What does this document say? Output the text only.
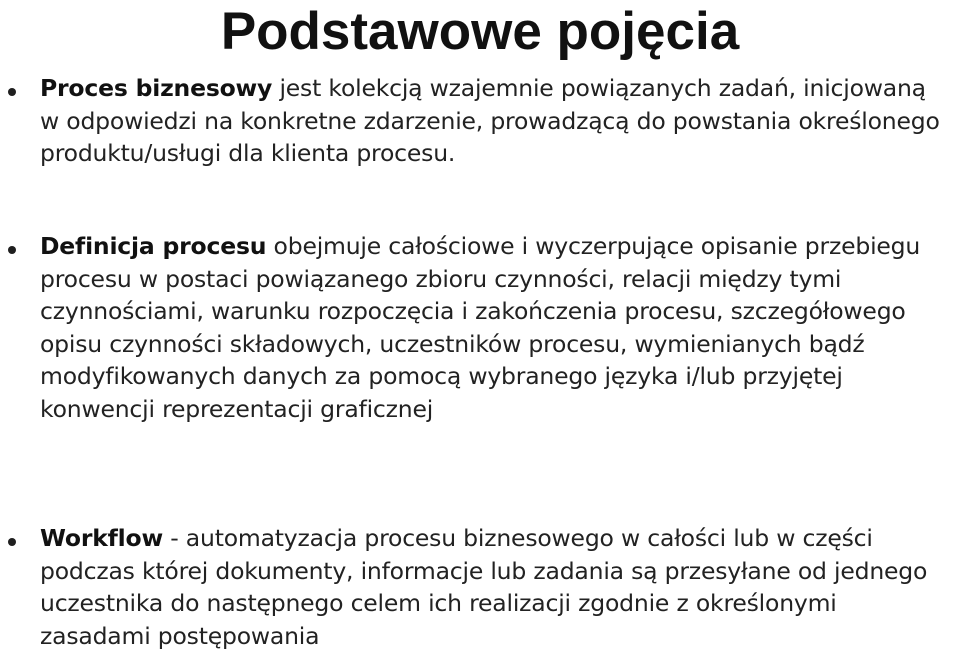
Podstawowe pojęcia

Proces biznesowy jest kolekcją wzajemnie powiązanych zadań, inicjowaną w odpowiedzi na konkretne zdarzenie, prowadzącą do powstania określonego produktu/usługi dla klienta procesu.

Definicja procesu obejmuje całościowe i wyczerpujące opisanie przebiegu procesu w postaci powiązanego zbioru czynności, relacji między tymi czynnościami, warunku rozpoczęcia i zakończenia procesu, szczegółowego opisu czynności składowych, uczestników procesu, wymienianych bądź modyfikowanych danych za pomocą wybranego języka i/lub przyjętej konwencji reprezentacji graficznej

Workflow - automatyzacja procesu biznesowego w całości lub w części podczas której dokumenty, informacje lub zadania są przesyłane od jednego uczestnika do następnego celem ich realizacji zgodnie z określonymi zasadami postępowania
